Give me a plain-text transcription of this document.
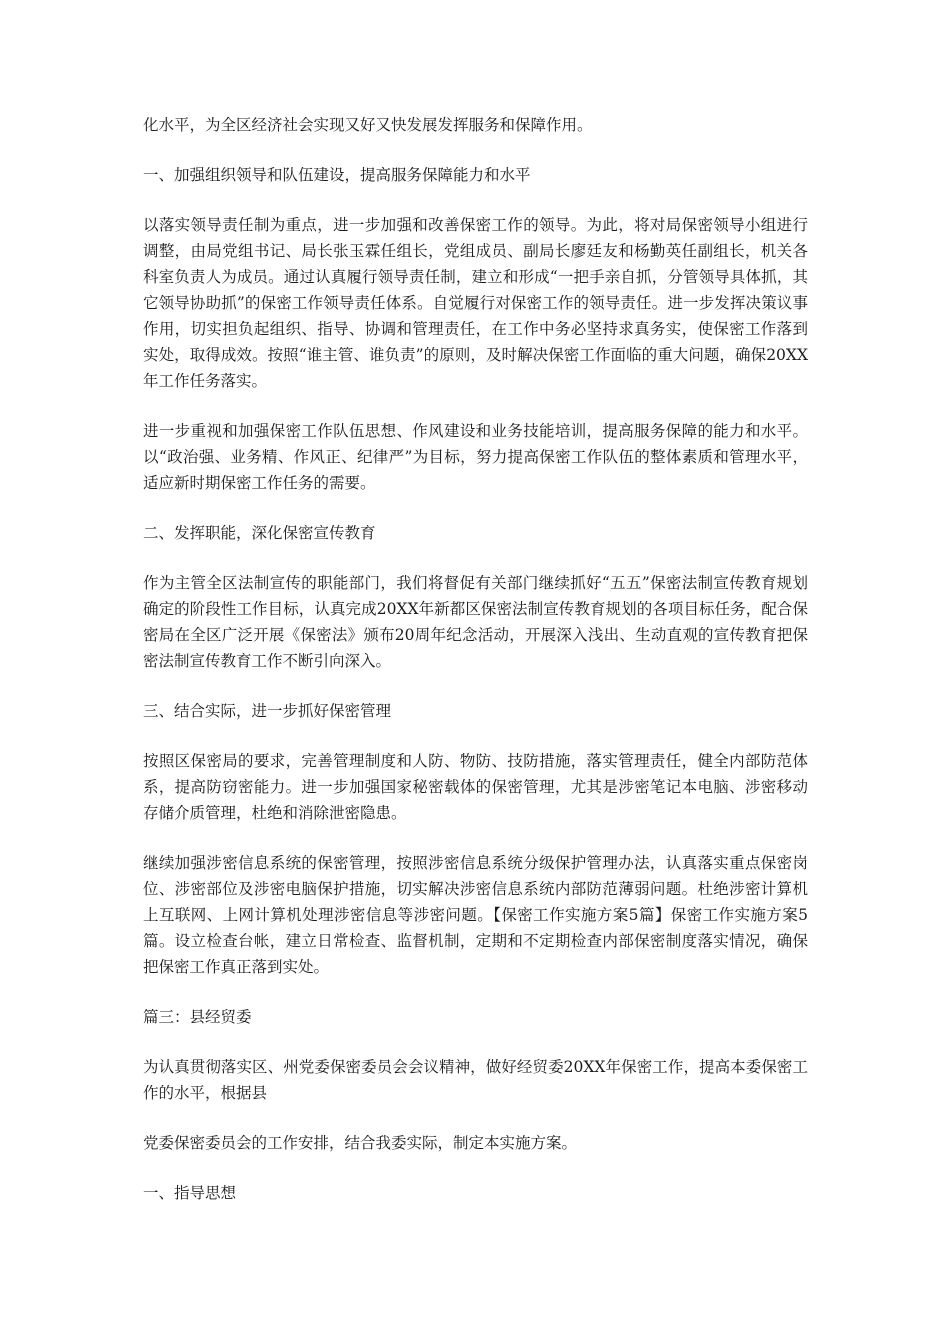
化水平，为全区经济社会实现又好又快发展发挥服务和保障作用。

一、加强组织领导和队伍建设，提高服务保障能力和水平

以落实领导责任制为重点，进一步加强和改善保密工作的领导。为此，将对局保密领导小组进行调整，由局党组书记、局长张玉霖任组长，党组成员、副局长廖廷友和杨勤英任副组长，机关各科室负责人为成员。通过认真履行领导责任制，建立和形成“一把手亲自抓，分管领导具体抓，其它领导协助抓”的保密工作领导责任体系。自觉履行对保密工作的领导责任。进一步发挥决策议事作用，切实担负起组织、指导、协调和管理责任，在工作中务必坚持求真务实，使保密工作落到实处，取得成效。按照“谁主管、谁负责”的原则，及时解决保密工作面临的重大问题，确保20XX年工作任务落实。

进一步重视和加强保密工作队伍思想、作风建设和业务技能培训，提高服务保障的能力和水平。以“政治强、业务精、作风正、纪律严”为目标，努力提高保密工作队伍的整体素质和管理水平，适应新时期保密工作任务的需要。

二、发挥职能，深化保密宣传教育

作为主管全区法制宣传的职能部门，我们将督促有关部门继续抓好“五五”保密法制宣传教育规划确定的阶段性工作目标，认真完成20XX年新都区保密法制宣传教育规划的各项目标任务，配合保密局在全区广泛开展《保密法》颁布20周年纪念活动，开展深入浅出、生动直观的宣传教育把保密法制宣传教育工作不断引向深入。

三、结合实际，进一步抓好保密管理

按照区保密局的要求，完善管理制度和人防、物防、技防措施，落实管理责任，健全内部防范体系，提高防窃密能力。进一步加强国家秘密载体的保密管理，尤其是涉密笔记本电脑、涉密移动存储介质管理，杜绝和消除泄密隐患。

继续加强涉密信息系统的保密管理，按照涉密信息系统分级保护管理办法，认真落实重点保密岗位、涉密部位及涉密电脑保护措施，切实解决涉密信息系统内部防范薄弱问题。杜绝涉密计算机上互联网、上网计算机处理涉密信息等涉密问题。【保密工作实施方案5篇】保密工作实施方案5篇。设立检查台帐，建立日常检查、监督机制，定期和不定期检查内部保密制度落实情况，确保把保密工作真正落到实处。

篇三：县经贸委

为认真贯彻落实区、州党委保密委员会会议精神，做好经贸委20XX年保密工作，提高本委保密工作的水平，根据县

党委保密委员会的工作安排，结合我委实际，制定本实施方案。

一、指导思想
